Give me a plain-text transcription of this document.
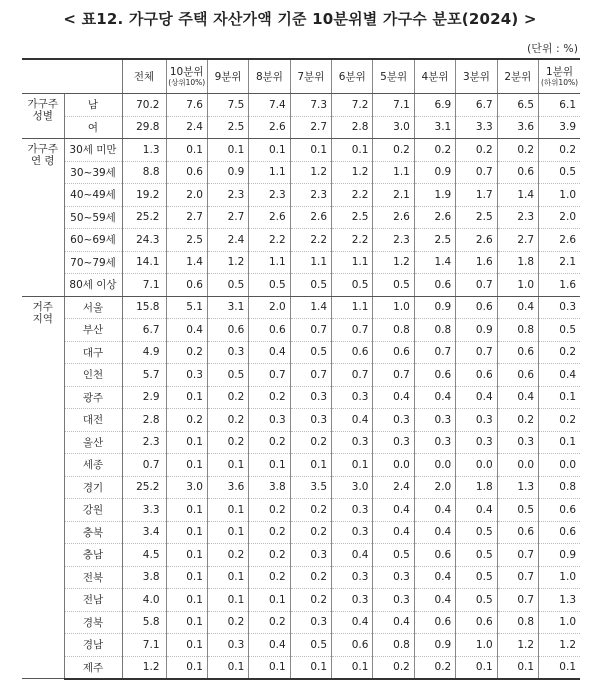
< 표12. 가구당 주택 자산가액 기준 10분위별 가구수 분포(2024) >
(단위 : %)
		전체	10분위
(상위10%)	9분위	8분위	7분위	6분위	5분위	4분위	3분위	2분위	1분위
(하위10%)

가구주
성별	남	70.2	7.6	7.5	7.4	7.3	7.2	7.1	6.9	6.7	6.5	6.1
	여	29.8	2.4	2.5	2.6	2.7	2.8	3.0	3.1	3.3	3.6	3.9
가구주
연 령	30세 미만	1.3	0.1	0.1	0.1	0.1	0.1	0.2	0.2	0.2	0.2	0.2
	30~39세	8.8	0.6	0.9	1.1	1.2	1.2	1.1	0.9	0.7	0.6	0.5
	40~49세	19.2	2.0	2.3	2.3	2.3	2.2	2.1	1.9	1.7	1.4	1.0
	50~59세	25.2	2.7	2.7	2.6	2.6	2.5	2.6	2.6	2.5	2.3	2.0
	60~69세	24.3	2.5	2.4	2.2	2.2	2.2	2.3	2.5	2.6	2.7	2.6
	70~79세	14.1	1.4	1.2	1.1	1.1	1.1	1.2	1.4	1.6	1.8	2.1
	80세 이상	7.1	0.6	0.5	0.5	0.5	0.5	0.5	0.6	0.7	1.0	1.6
거주
지역	서울	15.8	5.1	3.1	2.0	1.4	1.1	1.0	0.9	0.6	0.4	0.3
	부산	6.7	0.4	0.6	0.6	0.7	0.7	0.8	0.8	0.9	0.8	0.5
	대구	4.9	0.2	0.3	0.4	0.5	0.6	0.6	0.7	0.7	0.6	0.2
	인천	5.7	0.3	0.5	0.7	0.7	0.7	0.7	0.6	0.6	0.6	0.4
	광주	2.9	0.1	0.2	0.2	0.3	0.3	0.4	0.4	0.4	0.4	0.1
	대전	2.8	0.2	0.2	0.3	0.3	0.4	0.3	0.3	0.3	0.2	0.2
	울산	2.3	0.1	0.2	0.2	0.2	0.3	0.3	0.3	0.3	0.3	0.1
	세종	0.7	0.1	0.1	0.1	0.1	0.1	0.0	0.0	0.0	0.0	0.0
	경기	25.2	3.0	3.6	3.8	3.5	3.0	2.4	2.0	1.8	1.3	0.8
	강원	3.3	0.1	0.1	0.2	0.2	0.3	0.4	0.4	0.4	0.5	0.6
	충북	3.4	0.1	0.1	0.2	0.2	0.3	0.4	0.4	0.5	0.6	0.6
	충남	4.5	0.1	0.2	0.2	0.3	0.4	0.5	0.6	0.5	0.7	0.9
	전북	3.8	0.1	0.1	0.2	0.2	0.3	0.3	0.4	0.5	0.7	1.0
	전남	4.0	0.1	0.1	0.1	0.2	0.3	0.3	0.4	0.5	0.7	1.3
	경북	5.8	0.1	0.2	0.2	0.3	0.4	0.4	0.6	0.6	0.8	1.0
	경남	7.1	0.1	0.3	0.4	0.5	0.6	0.8	0.9	1.0	1.2	1.2
	제주	1.2	0.1	0.1	0.1	0.1	0.1	0.2	0.2	0.1	0.1	0.1
